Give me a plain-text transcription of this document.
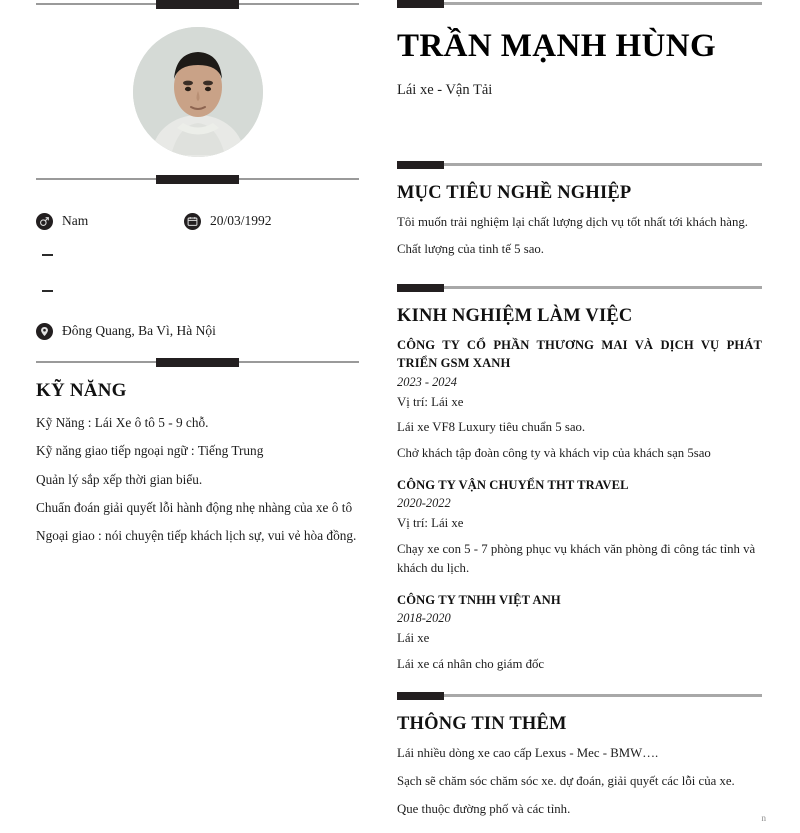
Nam	20/03/1992
Đông Quang, Ba Vì, Hà Nội
KỸ NĂNG
Kỹ Năng : Lái Xe ô tô 5 - 9 chỗ.
Kỹ năng giao tiếp ngoại ngữ : Tiếng Trung
Quản lý sắp xếp thời gian biểu.
Chuẩn đoán giải quyết lỗi hành động nhẹ nhàng của xe ô tô
Ngoại giao : nói chuyện tiếp khách lịch sự, vui vẻ hòa đồng.
TRẦN MẠNH HÙNG
Lái xe - Vận Tải
MỤC TIÊU NGHỀ NGHIỆP
Tôi muốn trải nghiệm lại chất lượng dịch vụ tốt nhất tới khách hàng.
Chất lượng của tinh tế 5 sao.
KINH NGHIỆM LÀM VIỆC
CÔNG TY CỔ PHẦN THƯƠNG MAI VÀ DỊCH VỤ PHÁT TRIỂN GSM XANH
2023 - 2024
Vị trí: Lái xe
Lái xe VF8 Luxury tiêu chuẩn 5 sao.
Chở khách tập đoàn công ty và khách vip của khách sạn 5sao
CÔNG TY VẬN CHUYỂN THT TRAVEL
2020-2022
Vị trí: Lái xe
Chạy xe con 5 - 7 phòng phục vụ khách văn phòng đi công tác tỉnh và khách du lịch.
CÔNG TY TNHH VIỆT ANH
2018-2020
Lái xe
Lái xe cá nhân cho giám đốc
THÔNG TIN THÊM
Lái nhiều dòng xe cao cấp Lexus - Mec - BMW….
Sạch sẽ chăm sóc chăm sóc xe. dự đoán, giải quyết các lỗi của xe.
Que thuộc đường phố và các tỉnh.
n
